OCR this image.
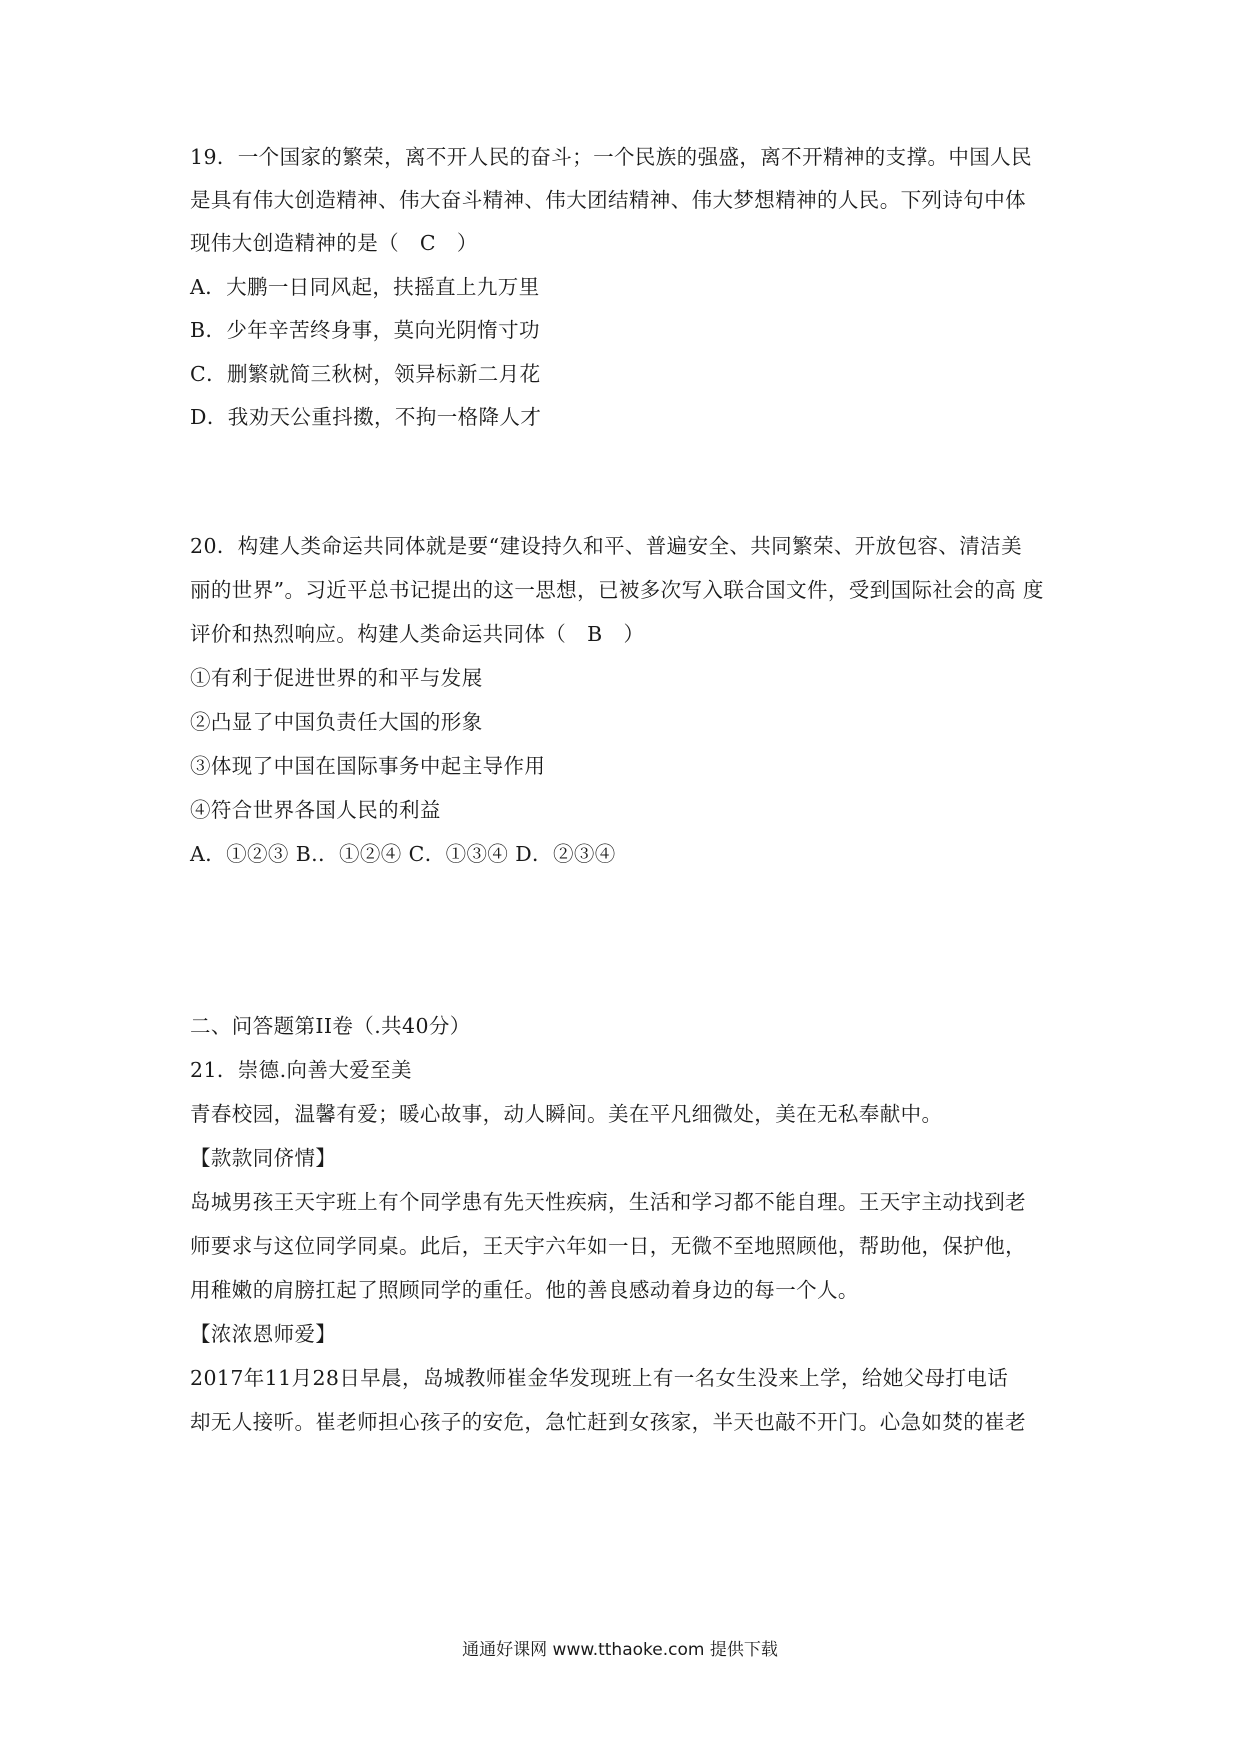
19．一个国家的繁荣，离不开人民的奋斗；一个民族的强盛，离不开精神的支撑。中国人民
是具有伟大创造精神、伟大奋斗精神、伟大团结精神、伟大梦想精神的人民。下列诗句中体
现伟大创造精神的是（　C　）
A．大鹏一日同风起，扶摇直上九万里
B．少年辛苦终身事，莫向光阴惰寸功
C．删繁就简三秋树，领异标新二月花
D．我劝天公重抖擞，不拘一格降人才
20．构建人类命运共同体就是要“建设持久和平、普遍安全、共同繁荣、开放包容、清洁美
丽的世界”。习近平总书记提出的这一思想，已被多次写入联合国文件，受到国际社会的高 度
评价和热烈响应。构建人类命运共同体（　B　）
①有利于促进世界的和平与发展
②凸显了中国负责任大国的形象
③体现了中国在国际事务中起主导作用
④符合世界各国人民的利益
A．①②③ B.．①②④ C．①③④ D．②③④
二、问答题第II卷（.共40分）
21．崇德.向善大爱至美
青春校园，温馨有爱；暖心故事，动人瞬间。美在平凡细微处，美在无私奉献中。
【款款同侪情】
岛城男孩王天宇班上有个同学患有先天性疾病，生活和学习都不能自理。王天宇主动找到老
师要求与这位同学同桌。此后，王天宇六年如一日，无微不至地照顾他，帮助他，保护他，
用稚嫩的肩膀扛起了照顾同学的重任。他的善良感动着身边的每一个人。
【浓浓恩师爱】
2017年11月28日早晨，岛城教师崔金华发现班上有一名女生没来上学，给她父母打电话
却无人接听。崔老师担心孩子的安危，急忙赶到女孩家，半天也敲不开门。心急如焚的崔老
通通好课网 www.tthaoke.com 提供下载
